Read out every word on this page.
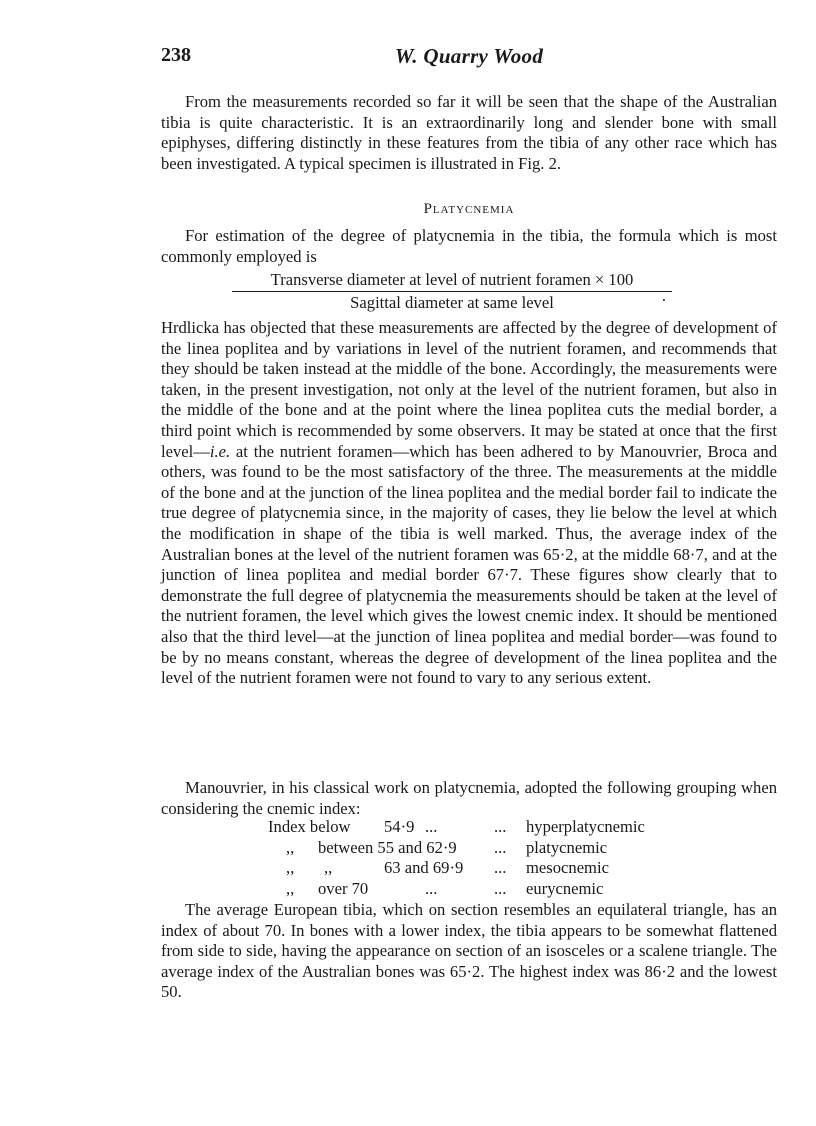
238	W. Quarry Wood

From the measurements recorded so far it will be seen that the shape of the Australian tibia is quite characteristic. It is an extraordinarily long and slender bone with small epiphyses, differing distinctly in these features from the tibia of any other race which has been investigated. A typical specimen is illustrated in Fig. 2.

Platycnemia

For estimation of the degree of platycnemia in the tibia, the formula which is most commonly employed is

Transverse diameter at level of nutrient foramen × 100
Sagittal diameter at same level	.

Hrdlicka has objected that these measurements are affected by the degree of development of the linea poplitea and by variations in level of the nutrient foramen, and recommends that they should be taken instead at the middle of the bone. Accordingly, the measurements were taken, in the present investigation, not only at the level of the nutrient foramen, but also in the middle of the bone and at the point where the linea poplitea cuts the medial border, a third point which is recommended by some observers. It may be stated at once that the first level—i.e. at the nutrient foramen—which has been adhered to by Manouvrier, Broca and others, was found to be the most satisfactory of the three. The measurements at the middle of the bone and at the junction of the linea poplitea and the medial border fail to indicate the true degree of platycnemia since, in the majority of cases, they lie below the level at which the modification in shape of the tibia is well marked. Thus, the average index of the Australian bones at the level of the nutrient foramen was 65·2, at the middle 68·7, and at the junction of linea poplitea and medial border 67·7. These figures show clearly that to demonstrate the full degree of platycnemia the measurements should be taken at the level of the nutrient foramen, the level which gives the lowest cnemic index. It should be mentioned also that the third level—at the junction of linea poplitea and medial border—was found to be by no means constant, whereas the degree of development of the linea poplitea and the level of the nutrient foramen were not found to vary to any serious extent.

Manouvrier, in his classical work on platycnemia, adopted the following grouping when considering the cnemic index:

Index below 54·9 ...	... hyperplatycnemic
,, between 55 and 62·9 ... platycnemic
,, ,,	63 and 69·9 ... mesocnemic
,, over 70	...	... eurycnemic

The average European tibia, which on section resembles an equilateral triangle, has an index of about 70. In bones with a lower index, the tibia appears to be somewhat flattened from side to side, having the appearance on section of an isosceles or a scalene triangle. The average index of the Australian bones was 65·2. The highest index was 86·2 and the lowest 50.
